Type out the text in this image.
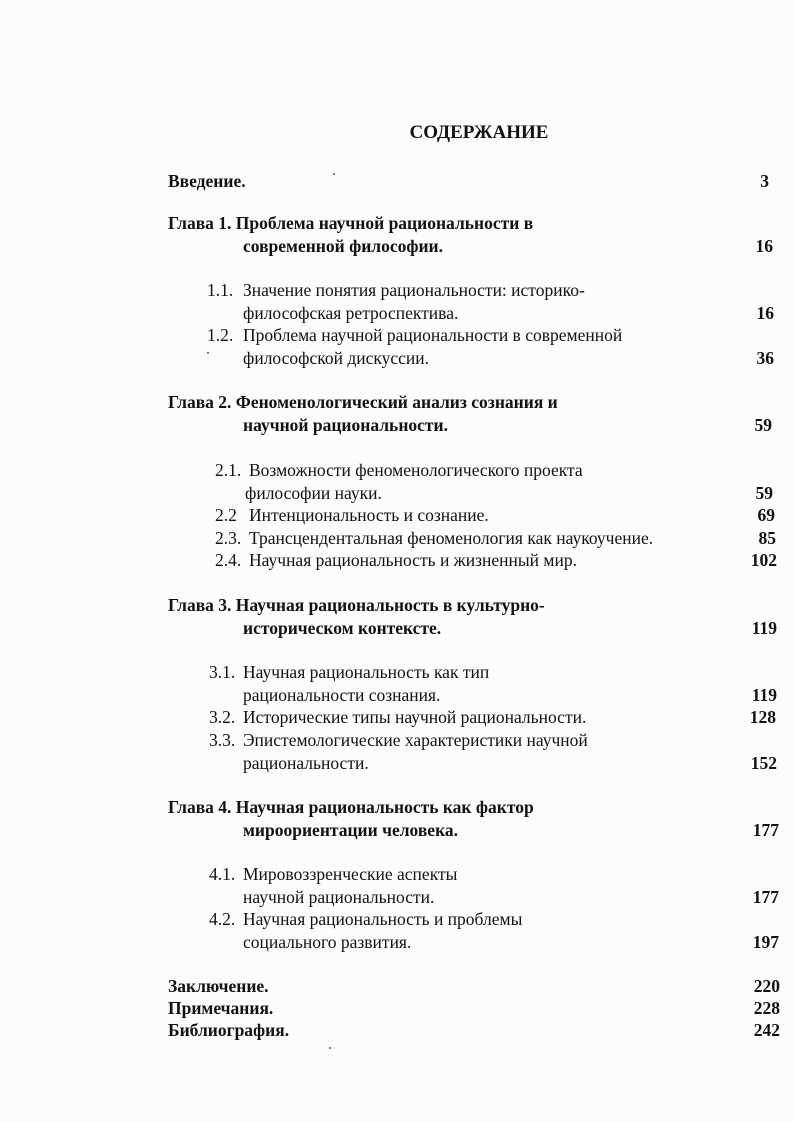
СОДЕРЖАНИЕ
Введение.	3
Глава 1. Проблема научной рациональности в
современной философии.	16
1.1. Значение понятия рациональности: историко-
философская ретроспектива.	16
1.2. Проблема научной рациональности в современной
философской дискуссии.	36
Глава 2. Феноменологический анализ сознания и
научной рациональности.	59
2.1. Возможности феноменологического проекта
философии науки.	59
2.2 Интенциональность и сознание.	69
2.3. Трансцендентальная феноменология как наукоучение.	85
2.4. Научная рациональность и жизненный мир.	102
Глава 3. Научная рациональность в культурно-
историческом контексте.	119
3.1. Научная рациональность как тип
рациональности сознания.	119
3.2. Исторические типы научной рациональности.	128
3.3. Эпистемологические характеристики научной
рациональности.	152
Глава 4. Научная рациональность как фактор
мироориентации человека.	177
4.1. Мировоззренческие аспекты
научной рациональности.	177
4.2. Научная рациональность и проблемы
социального развития.	197
Заключение.	220
Примечания.	228
Библиография.	242
